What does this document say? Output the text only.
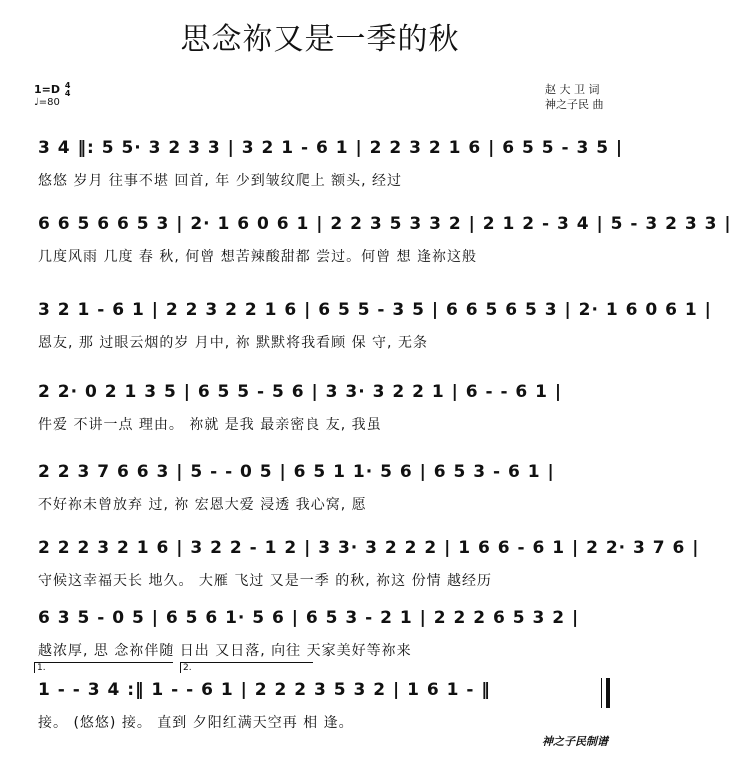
思念祢又是一季的秋
1=D 4
4
♩=80
赵 大 卫 词
神之子民 曲
3 4 ‖: 5 5· 3 2 3 3 | 3 2 1 - 6 1 | 2 2 3 2 1 6 | 6 5 5 - 3 5 |
悠悠 岁月 往事不堪 回首, 年 少到皱纹爬上 额头, 经过
6 6 5 6 6 5 3 | 2· 1 6 0 6 1 | 2 2 3 5 3 3 2 | 2 1 2 - 3 4 | 5 - 3 2 3 3 |
几度风雨 几度 春 秋, 何曾 想苦辣酸甜都 尝过。何曾 想 逢祢这般
3 2 1 - 6 1 | 2 2 3 2 2 1 6 | 6 5 5 - 3 5 | 6 6 5 6 5 3 | 2· 1 6 0 6 1 |
恩友, 那 过眼云烟的岁 月中, 祢 默默将我看顾 保 守, 无条
2 2· 0 2 1 3 5 | 6 5 5 - 5 6 | 3 3· 3 2 2 1 | 6 - - 6 1 |
件爱 不讲一点 理由。 祢就 是我 最亲密良 友, 我虽
2 2 3 7 6 6 3 | 5 - - 0 5 | 6 5 1 1· 5 6 | 6 5 3 - 6 1 |
不好祢未曾放弃 过, 祢 宏恩大爱 浸透 我心窝, 愿
2 2 2 3 2 1 6 | 3 2 2 - 1 2 | 3 3· 3 2 2 2 | 1 6 6 - 6 1 | 2 2· 3 7 6 |
守候这幸福天长 地久。 大雁 飞过 又是一季 的秋, 祢这 份情 越经历
6 3 5 - 0 5 | 6 5 6 1· 5 6 | 6 5 3 - 2 1 | 2 2 2 6 5 3 2 |
越浓厚, 思 念祢伴随 日出 又日落, 向往 天家美好等祢来
1.	2.
1 - - 3 4 :‖ 1 - - 6 1 | 2 2 2 3 5 3 2 | 1 6 1 - ‖
接。 (悠悠) 接。 直到 夕阳红满天空再 相 逢。
神之子民制谱
